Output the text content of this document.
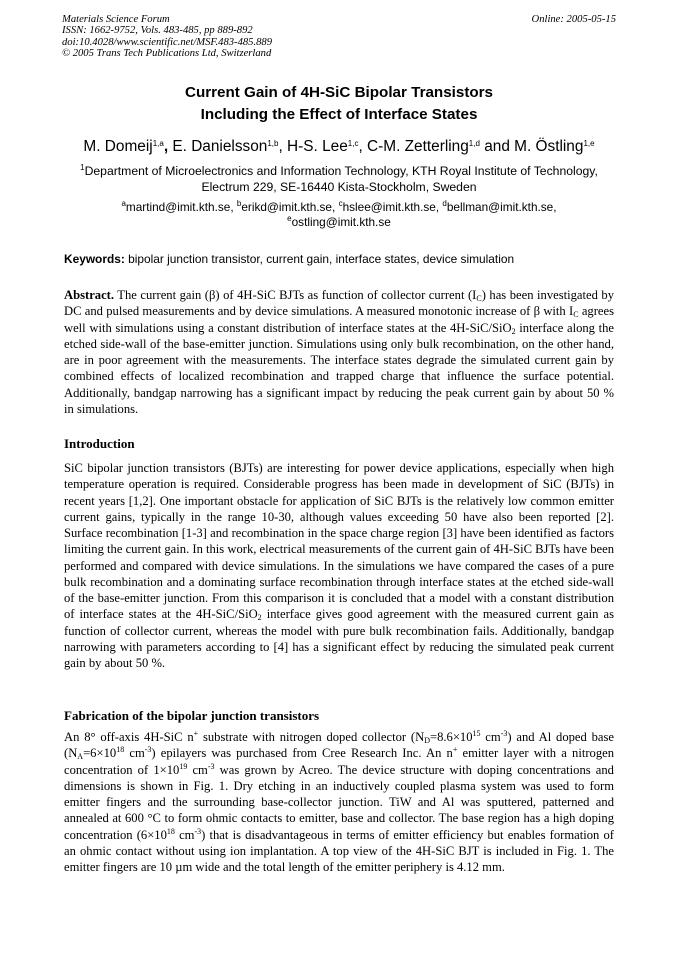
Materials Science Forum
ISSN: 1662-9752, Vols. 483-485, pp 889-892
doi:10.4028/www.scientific.net/MSF.483-485.889
© 2005 Trans Tech Publications Ltd, Switzerland
Online: 2005-05-15
Current Gain of 4H-SiC Bipolar Transistors
Including the Effect of Interface States
M. Domeij$^{1,a}$, E. Danielsson$^{1,b}$, H-S. Lee$^{1,c}$, C-M. Zetterling$^{1,d}$ and M. Östling$^{1,e}$
$^1$Department of Microelectronics and Information Technology, KTH Royal Institute of Technology,
Electrum 229, SE-16440 Kista-Stockholm, Sweden
$^a$martind@imit.kth.se, $^b$erikd@imit.kth.se, $^c$hslee@imit.kth.se, $^d$bellman@imit.kth.se,
$^e$ostling@imit.kth.se
Keywords: bipolar junction transistor, current gain, interface states, device simulation

Abstract. The current gain (β) of 4H-SiC BJTs as function of collector current $(I_C)$ has been investigated by DC and pulsed measurements and by device simulations. A measured monotonic increase of β with $I_C$ agrees well with simulations using a constant distribution of interface states at the 4H-SiC/SiO$_2$ interface along the etched side-wall of the base-emitter junction. Simulations using only bulk recombination, on the other hand, are in poor agreement with the measurements. The interface states degrade the simulated current gain by combined effects of localized recombination and trapped charge that influence the surface potential. Additionally, bandgap narrowing has a significant impact by reducing the peak current gain by about 50 % in simulations.

Introduction

SiC bipolar junction transistors (BJTs) are interesting for power device applications, especially when high temperature operation is required. Considerable progress has been made in development of SiC (BJTs) in recent years [1,2]. One important obstacle for application of SiC BJTs is the relatively low common emitter current gains, typically in the range 10-30, although values exceeding 50 have also been reported [2]. Surface recombination [1-3] and recombination in the space charge region [3] have been identified as factors limiting the current gain. In this work, electrical measurements of the current gain of 4H-SiC BJTs have been performed and compared with device simulations. In the simulations we have compared the cases of a pure bulk recombination and a dominating surface recombination through interface states at the etched side-wall of the base-emitter junction. From this comparison it is concluded that a model with a constant distribution of interface states at the 4H-SiC/SiO$_2$ interface gives good agreement with the measured current gain as function of collector current, whereas the model with pure bulk recombination fails. Additionally, bandgap narrowing with parameters according to [4] has a significant effect by reducing the simulated peak current gain by about 50 %.

Fabrication of the bipolar junction transistors

An 8° off-axis 4H-SiC n+ substrate with nitrogen doped collector ($N_D=8.6\times 10^{15}$ $cm^{-3}$) and Al doped base ($N_A=6\times 10^{18}$ $cm^{-3}$) epilayers was purchased from Cree Research Inc. An n+ emitter layer with a nitrogen concentration of $1\times 10^{19}$ $cm^{-3}$ was grown by Acreo. The device structure with doping concentrations and dimensions is shown in Fig. 1. Dry etching in an inductively coupled plasma system was used to form emitter fingers and the surrounding base-collector junction. TiW and Al was sputtered, patterned and annealed at 600 °C to form ohmic contacts to emitter, base and collector. The base region has a high doping concentration ($6\times 10^{18}$ $cm^{-3}$) that is disadvantageous in terms of emitter efficiency but enables formation of an ohmic contact without using ion implantation. A top view of the 4H-SiC BJT is included in Fig. 1. The emitter fingers are 10 µm wide and the total length of the emitter periphery is 4.12 mm.
